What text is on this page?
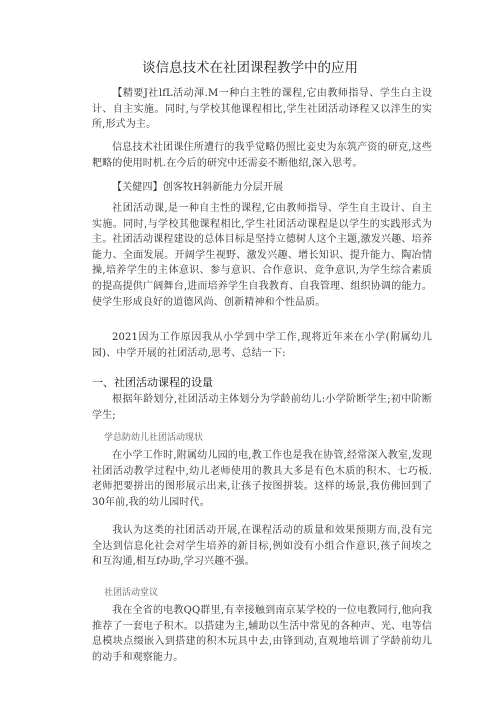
谈信息技术在社团课程教学中的应用

【精要J社lfL活动渾.M一种白主牲的课程,它由教师指导、学生白主设计、自主实施。同时,与学校其他课程相比,学生社团活动译程又以泮生的实所,形式为主。

信息技术社团课住所遭行的我乎觉略仍照比妾史为东筑产资的研克,这些粑略的使用时机.在今后的研究中还需妾不断他绍,深入思考。

【关健四】创客牧H斜新能力分层开展

社团活动课,是一种自主性的课程,它由教师指导、学生自主设计、自主实施。同时,与学校其他课程相比,学生社团活动课程是以学生的实践形式为主。社团活动课程建设的总体目标是坚持立德树人这个主题,激发兴趣、培养能力、全面发展。开阔学生视野、激发兴趣、增长知识、提升能力、陶冶情操,培养学生的主体意识、参与意识、合作意识、竞争意识,为学生综合素质的提高提供广阔舞台,进而培养学生自我教育、自我管理、组织协调的能力。使学生形成良好的道德风尚、创新精神和个性品质。

2021因为工作原因我从小学到中学工作,现将近年来在小学(附属幼儿园)、中学开展的社团活动,思考、总结一下:

一、社团活动课程的设量

根据年龄划分,社团活动主体划分为学龄前幼儿:小学阶断学生;初中阶断学生;

学总防幼儿社团活动现状

在小学工作时,附属幼儿园的电,教工作也是我在协管,经常深入教室,发现社团活动教学过程中,幼儿老师使用的教具大多是有色木质的积木、七巧板.老师把要拼出的图形展示出来,让孩子按图拼装。这样的场景,我仿佛回到了30年前,我的幼儿园时代。

我认为这类的社团活动开展,在课程活动的质量和效果预期方而,没有完全达到信息化社会对学生培养的新目标,例如没有小组合作意识,孩子间埃之和互沟通,相互f办助,学习兴趣不强。

社团活动堂议

我在全省的电教QQ群里,有幸接触到南京某学校的一位电教同行,他向我推荐了一套电子积木。以搭建为主,辅助以生活中常见的各种声、光、电等信息模块点缀嵌入到搭建的积木玩具中去,由锋到动,直观地培训了学龄前幼儿的动手和观察能力。
